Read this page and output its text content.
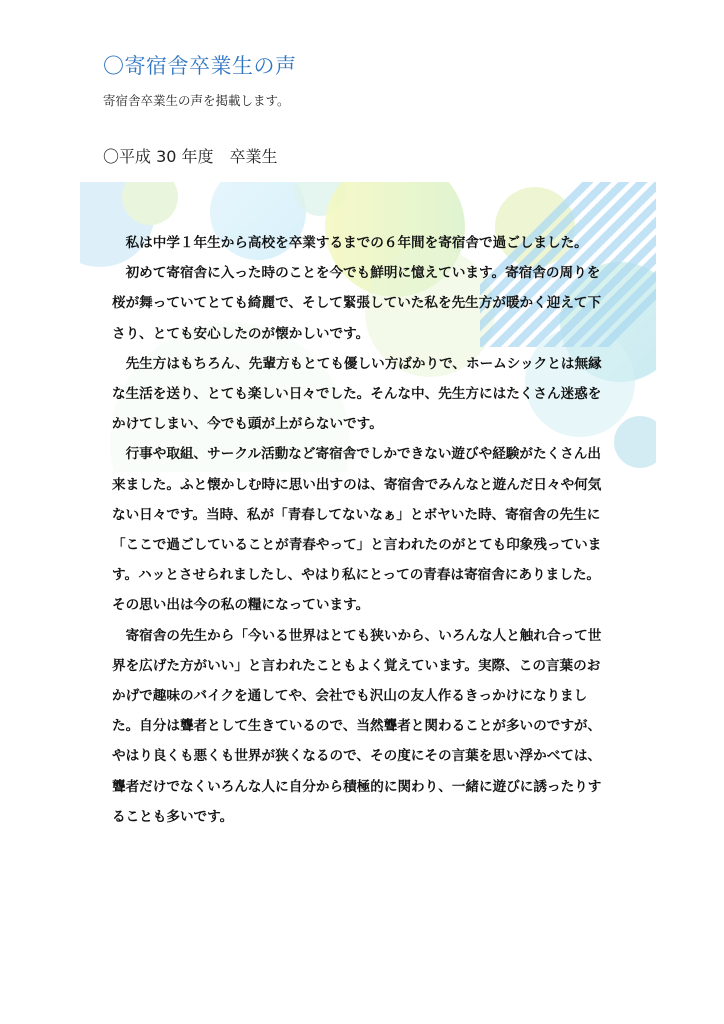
〇寄宿舎卒業生の声
寄宿舎卒業生の声を掲載します。
〇平成 30 年度　卒業生

私は中学１年生から高校を卒業するまでの６年間を寄宿舎で過ごしました。

初めて寄宿舎に入った時のことを今でも鮮明に憶えています。寄宿舎の周りを桜が舞っていてとても綺麗で、そして緊張していた私を先生方が暖かく迎えて下さり、とても安心したのが懐かしいです。

先生方はもちろん、先輩方もとても優しい方ばかりで、ホームシックとは無縁な生活を送り、とても楽しい日々でした。そんな中、先生方にはたくさん迷惑をかけてしまい、今でも頭が上がらないです。

行事や取組、サークル活動など寄宿舎でしかできない遊びや経験がたくさん出来ました。ふと懐かしむ時に思い出すのは、寄宿舎でみんなと遊んだ日々や何気ない日々です。当時、私が「青春してないなぁ」とボヤいた時、寄宿舎の先生に「ここで過ごしていることが青春やって」と言われたのがとても印象残っています。ハッとさせられましたし、やはり私にとっての青春は寄宿舎にありました。その思い出は今の私の糧になっています。

寄宿舎の先生から「今いる世界はとても狭いから、いろんな人と触れ合って世界を広げた方がいい」と言われたこともよく覚えています。実際、この言葉のおかげで趣味のバイクを通してや、会社でも沢山の友人作るきっかけになりました。自分は聾者として生きているので、当然聾者と関わることが多いのですが、やはり良くも悪くも世界が狭くなるので、その度にその言葉を思い浮かべては、聾者だけでなくいろんな人に自分から積極的に関わり、一緒に遊びに誘ったりすることも多いです。
